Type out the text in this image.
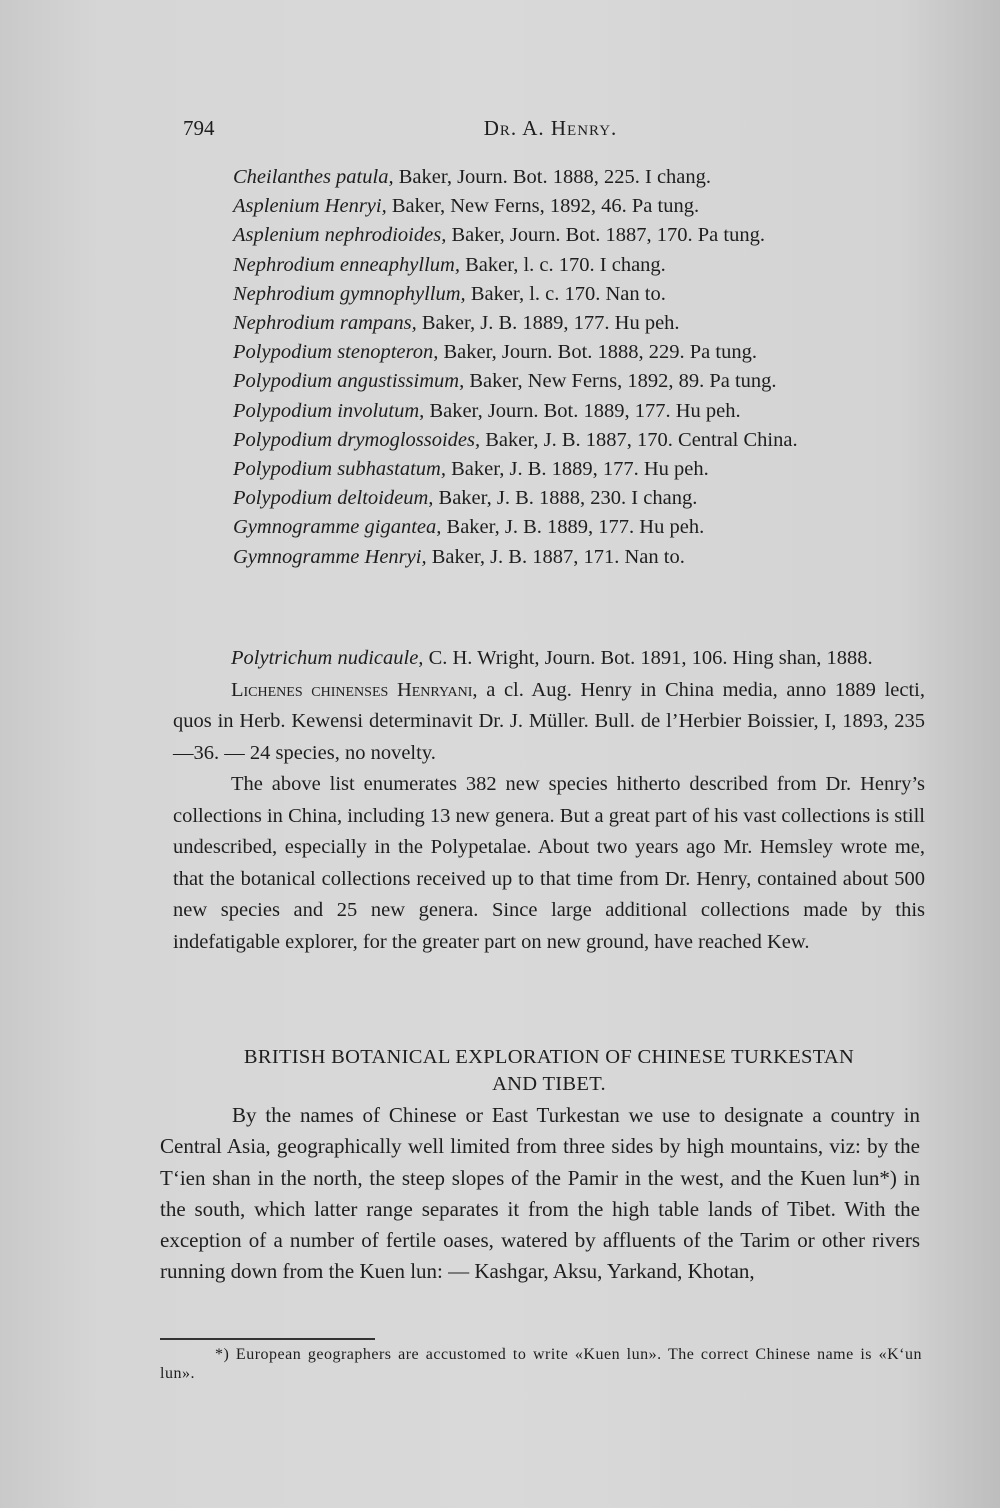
794	Dr. A. Henry.
Cheilanthes patula, Baker, Journ. Bot. 1888, 225. I chang.
Asplenium Henryi, Baker, New Ferns, 1892, 46. Pa tung.
Asplenium nephrodioides, Baker, Journ. Bot. 1887, 170. Pa tung.
Nephrodium enneaphyllum, Baker, l. c. 170. I chang.
Nephrodium gymnophyllum, Baker, l. c. 170. Nan to.
Nephrodium rampans, Baker, J. B. 1889, 177. Hu peh.
Polypodium stenopteron, Baker, Journ. Bot. 1888, 229. Pa tung.
Polypodium angustissimum, Baker, New Ferns, 1892, 89. Pa tung.
Polypodium involutum, Baker, Journ. Bot. 1889, 177. Hu peh.
Polypodium drymoglossoides, Baker, J. B. 1887, 170. Central China.
Polypodium subhastatum, Baker, J. B. 1889, 177. Hu peh.
Polypodium deltoideum, Baker, J. B. 1888, 230. I chang.
Gymnogramme gigantea, Baker, J. B. 1889, 177. Hu peh.
Gymnogramme Henryi, Baker, J. B. 1887, 171. Nan to.

Polytrichum nudicaule, C. H. Wright, Journ. Bot. 1891, 106. Hing shan, 1888.

Lichenes chinenses Henryani, a cl. Aug. Henry in China media, anno 1889 lecti, quos in Herb. Kewensi determinavit Dr. J. Müller. Bull. de l’Herbier Boissier, I, 1893, 235—36. — 24 species, no novelty.

The above list enumerates 382 new species hitherto described from Dr. Henry’s collections in China, including 13 new genera. But a great part of his vast collections is still undescribed, especially in the Polypetalae. About two years ago Mr. Hemsley wrote me, that the botanical collections received up to that time from Dr. Henry, contained about 500 new species and 25 new genera. Since large additional collections made by this indefatigable explorer, for the greater part on new ground, have reached Kew.

BRITISH BOTANICAL EXPLORATION OF CHINESE TURKESTAN
AND TIBET.

By the names of Chinese or East Turkestan we use to designate a country in Central Asia, geographically well limited from three sides by high mountains, viz: by the T‘ien shan in the north, the steep slopes of the Pamir in the west, and the Kuen lun*) in the south, which latter range separates it from the high table lands of Tibet. With the exception of a number of fertile oases, watered by affluents of the Tarim or other rivers running down from the Kuen lun: — Kashgar, Aksu, Yarkand, Khotan,

*) European geographers are accustomed to write «Kuen lun». The correct Chinese name is «K‘un lun».
